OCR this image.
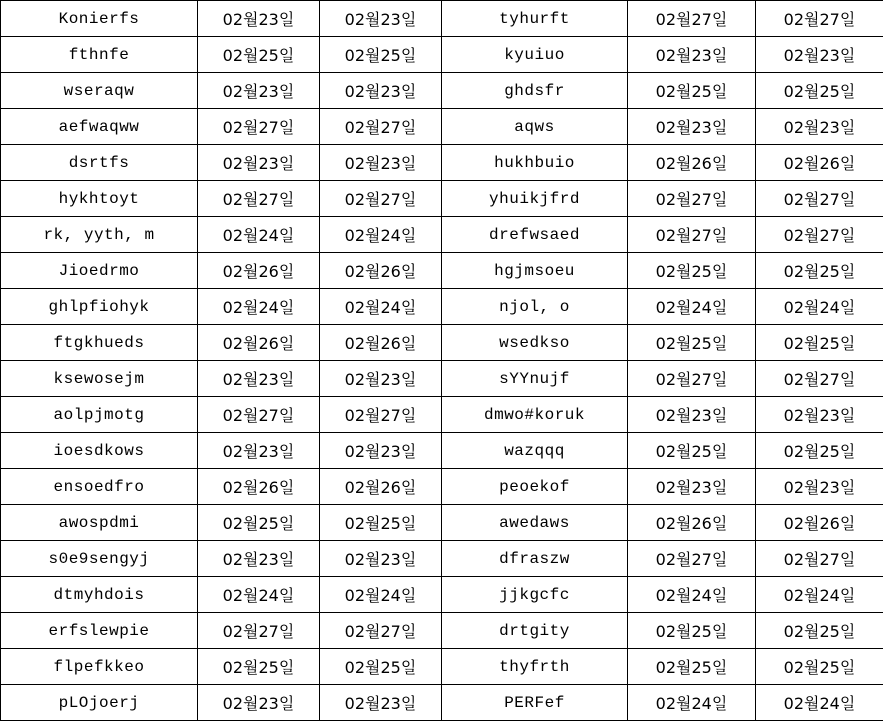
Konierfs	02월23일	02월23일	tyhurft	02월27일	02월27일
fthnfe	02월25일	02월25일	kyuiuo	02월23일	02월23일
wseraqw	02월23일	02월23일	ghdsfr	02월25일	02월25일
aefwaqww	02월27일	02월27일	aqws	02월23일	02월23일
dsrtfs	02월23일	02월23일	hukhbuio	02월26일	02월26일
hykhtoyt	02월27일	02월27일	yhuikjfrd	02월27일	02월27일
rk, yyth, m	02월24일	02월24일	drefwsaed	02월27일	02월27일
Jioedrmo	02월26일	02월26일	hgjmsoeu	02월25일	02월25일
ghlpfiohyk	02월24일	02월24일	njol, o	02월24일	02월24일
ftgkhueds	02월26일	02월26일	wsedkso	02월25일	02월25일
ksewosejm	02월23일	02월23일	sYYnujf	02월27일	02월27일
aolpjmotg	02월27일	02월27일	dmwo#koruk	02월23일	02월23일
ioesdkows	02월23일	02월23일	wazqqq	02월25일	02월25일
ensoedfro	02월26일	02월26일	peoekof	02월23일	02월23일
awospdmi	02월25일	02월25일	awedaws	02월26일	02월26일
s0e9sengyj	02월23일	02월23일	dfraszw	02월27일	02월27일
dtmyhdois	02월24일	02월24일	jjkgcfc	02월24일	02월24일
erfslewpie	02월27일	02월27일	drtgity	02월25일	02월25일
flpefkkeo	02월25일	02월25일	thyfrth	02월25일	02월25일
pLOjoerj	02월23일	02월23일	PERFef	02월24일	02월24일
